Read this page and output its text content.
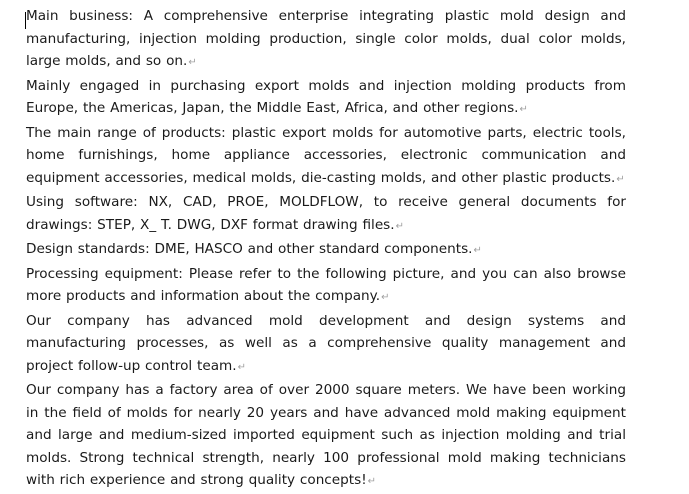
Main business: A comprehensive enterprise integrating plastic mold design and manufacturing, injection molding production, single color molds, dual color molds, large molds, and so on.↵

Mainly engaged in purchasing export molds and injection molding products from Europe, the Americas, Japan, the Middle East, Africa, and other regions.↵

The main range of products: plastic export molds for automotive parts, electric tools, home furnishings, home appliance accessories, electronic communication and equipment accessories, medical molds, die-casting molds, and other plastic products.↵

Using software: NX, CAD, PROE, MOLDFLOW, to receive general documents for drawings: STEP, X_ T. DWG, DXF format drawing files.↵

Design standards: DME, HASCO and other standard components.↵

Processing equipment: Please refer to the following picture, and you can also browse more products and information about the company.↵

Our company has advanced mold development and design systems and manufacturing processes, as well as a comprehensive quality management and project follow-up control team.↵

Our company has a factory area of over 2000 square meters. We have been working in the field of molds for nearly 20 years and have advanced mold making equipment and large and medium-sized imported equipment such as injection molding and trial molds. Strong technical strength, nearly 100 professional mold making technicians with rich experience and strong quality concepts!↵
